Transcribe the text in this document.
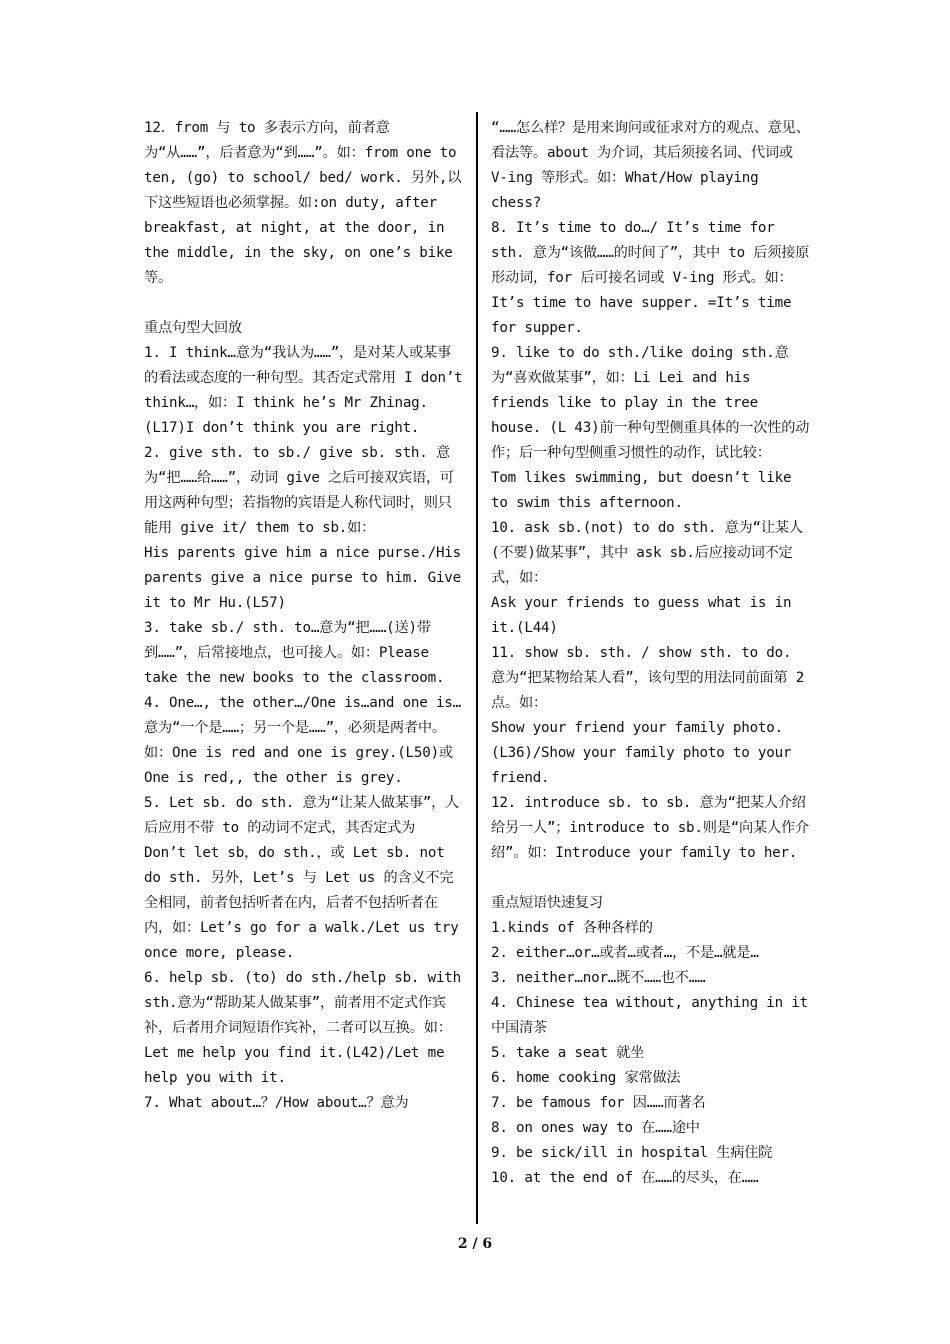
12．from 与 to 多表示方向，前者意为“从……”，后者意为“到……”。如：from one to ten, (go) to school/ bed/ work. 另外,以下这些短语也必须掌握。如:on duty, after breakfast, at night, at the door, in the middle, in the sky, on one’s bike 等。

重点句型大回放

1. I think…意为“我认为……”，是对某人或某事的看法或态度的一种句型。其否定式常用 I don’t think…，如：I think he’s Mr Zhinag. (L17)I don’t think you are right.

2. give sth. to sb./ give sb. sth. 意为“把……给……”，动词 give 之后可接双宾语，可用这两种句型；若指物的宾语是人称代词时，则只能用 give it/ them to sb.如：

His parents give him a nice purse./His parents give a nice purse to him. Give it to Mr Hu.(L57)

3. take sb./ sth. to…意为“把……(送)带到……”，后常接地点，也可接人。如：Please take the new books to the classroom.

4. One…, the other…/One is…and one is…意为“一个是……；另一个是……”，必须是两者中。如：One is red and one is grey.(L50)或 One is red,, the other is grey.

5. Let sb. do sth. 意为“让某人做某事”，人后应用不带 to 的动词不定式，其否定式为 Don’t let sb，do sth.，或 Let sb. not do sth. 另外，Let’s 与 Let us 的含义不完全相同，前者包括听者在内，后者不包括听者在内，如：Let’s go for a walk./Let us try once more, please.

6. help sb. (to) do sth./help sb. with sth.意为“帮助某人做某事”，前者用不定式作宾补，后者用介词短语作宾补，二者可以互换。如：Let me help you find it.(L42)/Let me help you with it.

7. What about…？/How about…？意为

“……怎么样？是用来询问或征求对方的观点、意见、看法等。about 为介词，其后须接名词、代词或 V-ing 等形式。如：What/How playing chess?

8. It’s time to do…/ It’s time for sth. 意为“该做……的时间了”，其中 to 后须接原形动词，for 后可接名词或 V-ing 形式。如：It’s time to have supper. =It’s time for supper.

9. like to do sth./like doing sth.意为“喜欢做某事”，如：Li Lei and his friends like to play in the tree house. (L 43)前一种句型侧重具体的一次性的动作；后一种句型侧重习惯性的动作，试比较：

Tom likes swimming, but doesn’t like to swim this afternoon.

10. ask sb.(not) to do sth. 意为“让某人(不要)做某事”，其中 ask sb.后应接动词不定式，如：

Ask your friends to guess what is in it.(L44)

11. show sb. sth. / show sth. to do. 意为“把某物给某人看”，该句型的用法同前面第 2 点。如：

Show your friend your family photo.(L36)/Show your family photo to your friend.

12. introduce sb. to sb. 意为“把某人介绍给另一人”；introduce to sb.则是“向某人作介绍”。如：Introduce your family to her.

重点短语快速复习

1.kinds of 各种各样的

2. either…or…或者…或者…，不是…就是…

3. neither…nor…既不……也不……

4. Chinese tea without, anything in it 中国清茶

5. take a seat 就坐

6. home cooking 家常做法

7. be famous for 因……而著名

8. on ones way to 在……途中

9. be sick/ill in hospital 生病住院

10. at the end of 在……的尽头，在……

2 / 6
